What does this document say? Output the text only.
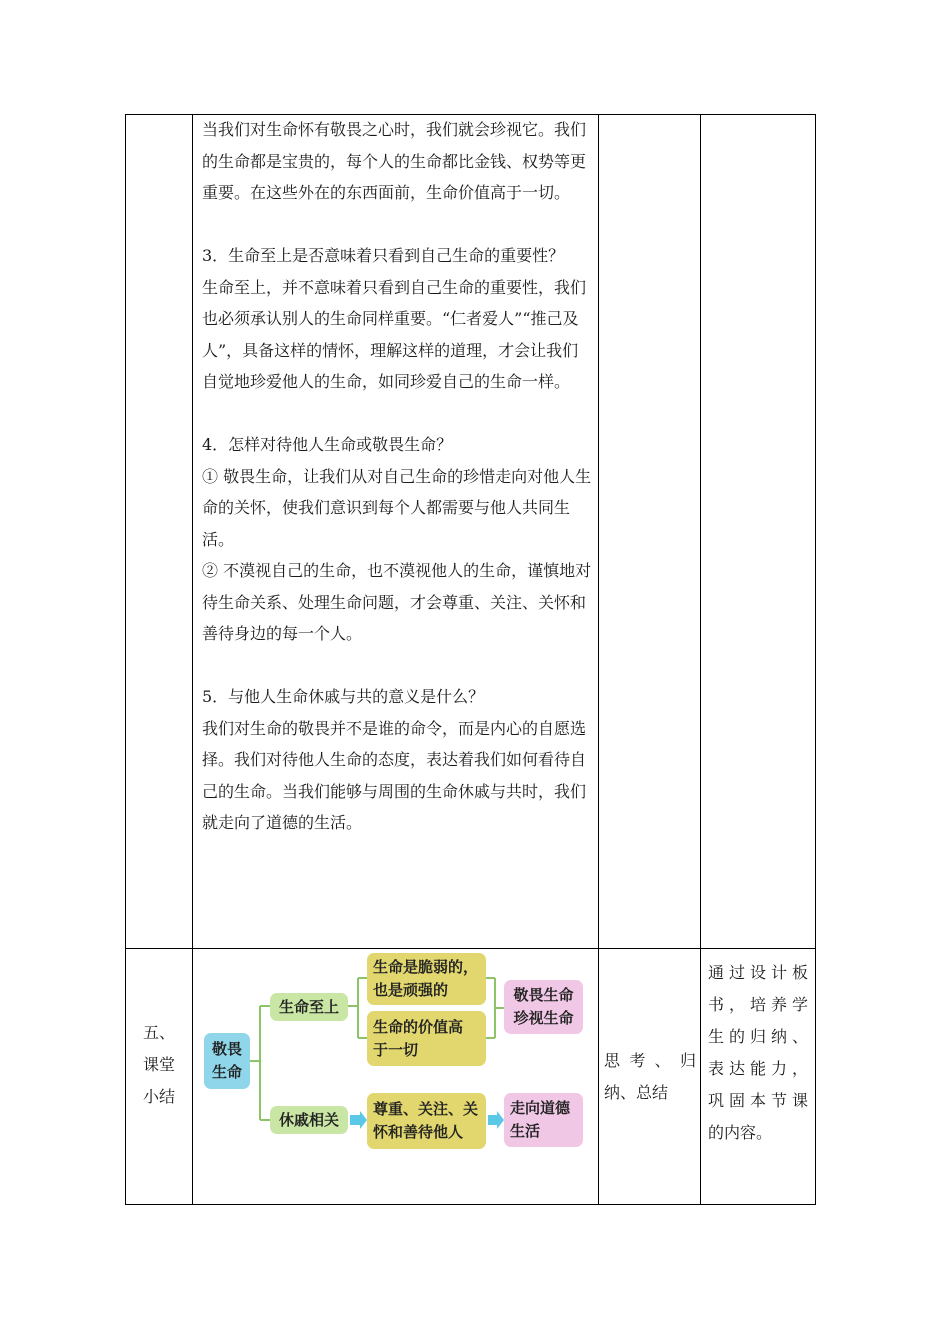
当我们对生命怀有敬畏之心时，我们就会珍视它。我们的生命都是宝贵的，每个人的生命都比金钱、权势等更重要。在这些外在的东西面前，生命价值高于一切。

3．生命至上是否意味着只看到自己生命的重要性？

生命至上，并不意味着只看到自己生命的重要性，我们也必须承认别人的生命同样重要。“仁者爱人”“推己及人”，具备这样的情怀，理解这样的道理，才会让我们自觉地珍爱他人的生命，如同珍爱自己的生命一样。

4．怎样对待他人生命或敬畏生命？

① 敬畏生命，让我们从对自己生命的珍惜走向对他人生命的关怀，使我们意识到每个人都需要与他人共同生活。

② 不漠视自己的生命，也不漠视他人的生命，谨慎地对待生命关系、处理生命问题，才会尊重、关注、关怀和善待身边的每一个人。

5．与他人生命休戚与共的意义是什么？

我们对生命的敬畏并不是谁的命令，而是内心的自愿选择。我们对待他人生命的态度，表达着我们如何看待自己的生命。当我们能够与周围的生命休戚与共时，我们就走向了道德的生活。

五、
课堂
小结
思考、归
纳、总结
通过设计板
书，培养学
生的归纳、
表达能力，
巩固本节课
的内容。
敬畏
生命
生命至上
休戚相关
生命是脆弱的，
也是顽强的
生命的价值高
于一切
尊重、关注、关
怀和善待他人
敬畏生命
珍视生命
走向道德
生活
